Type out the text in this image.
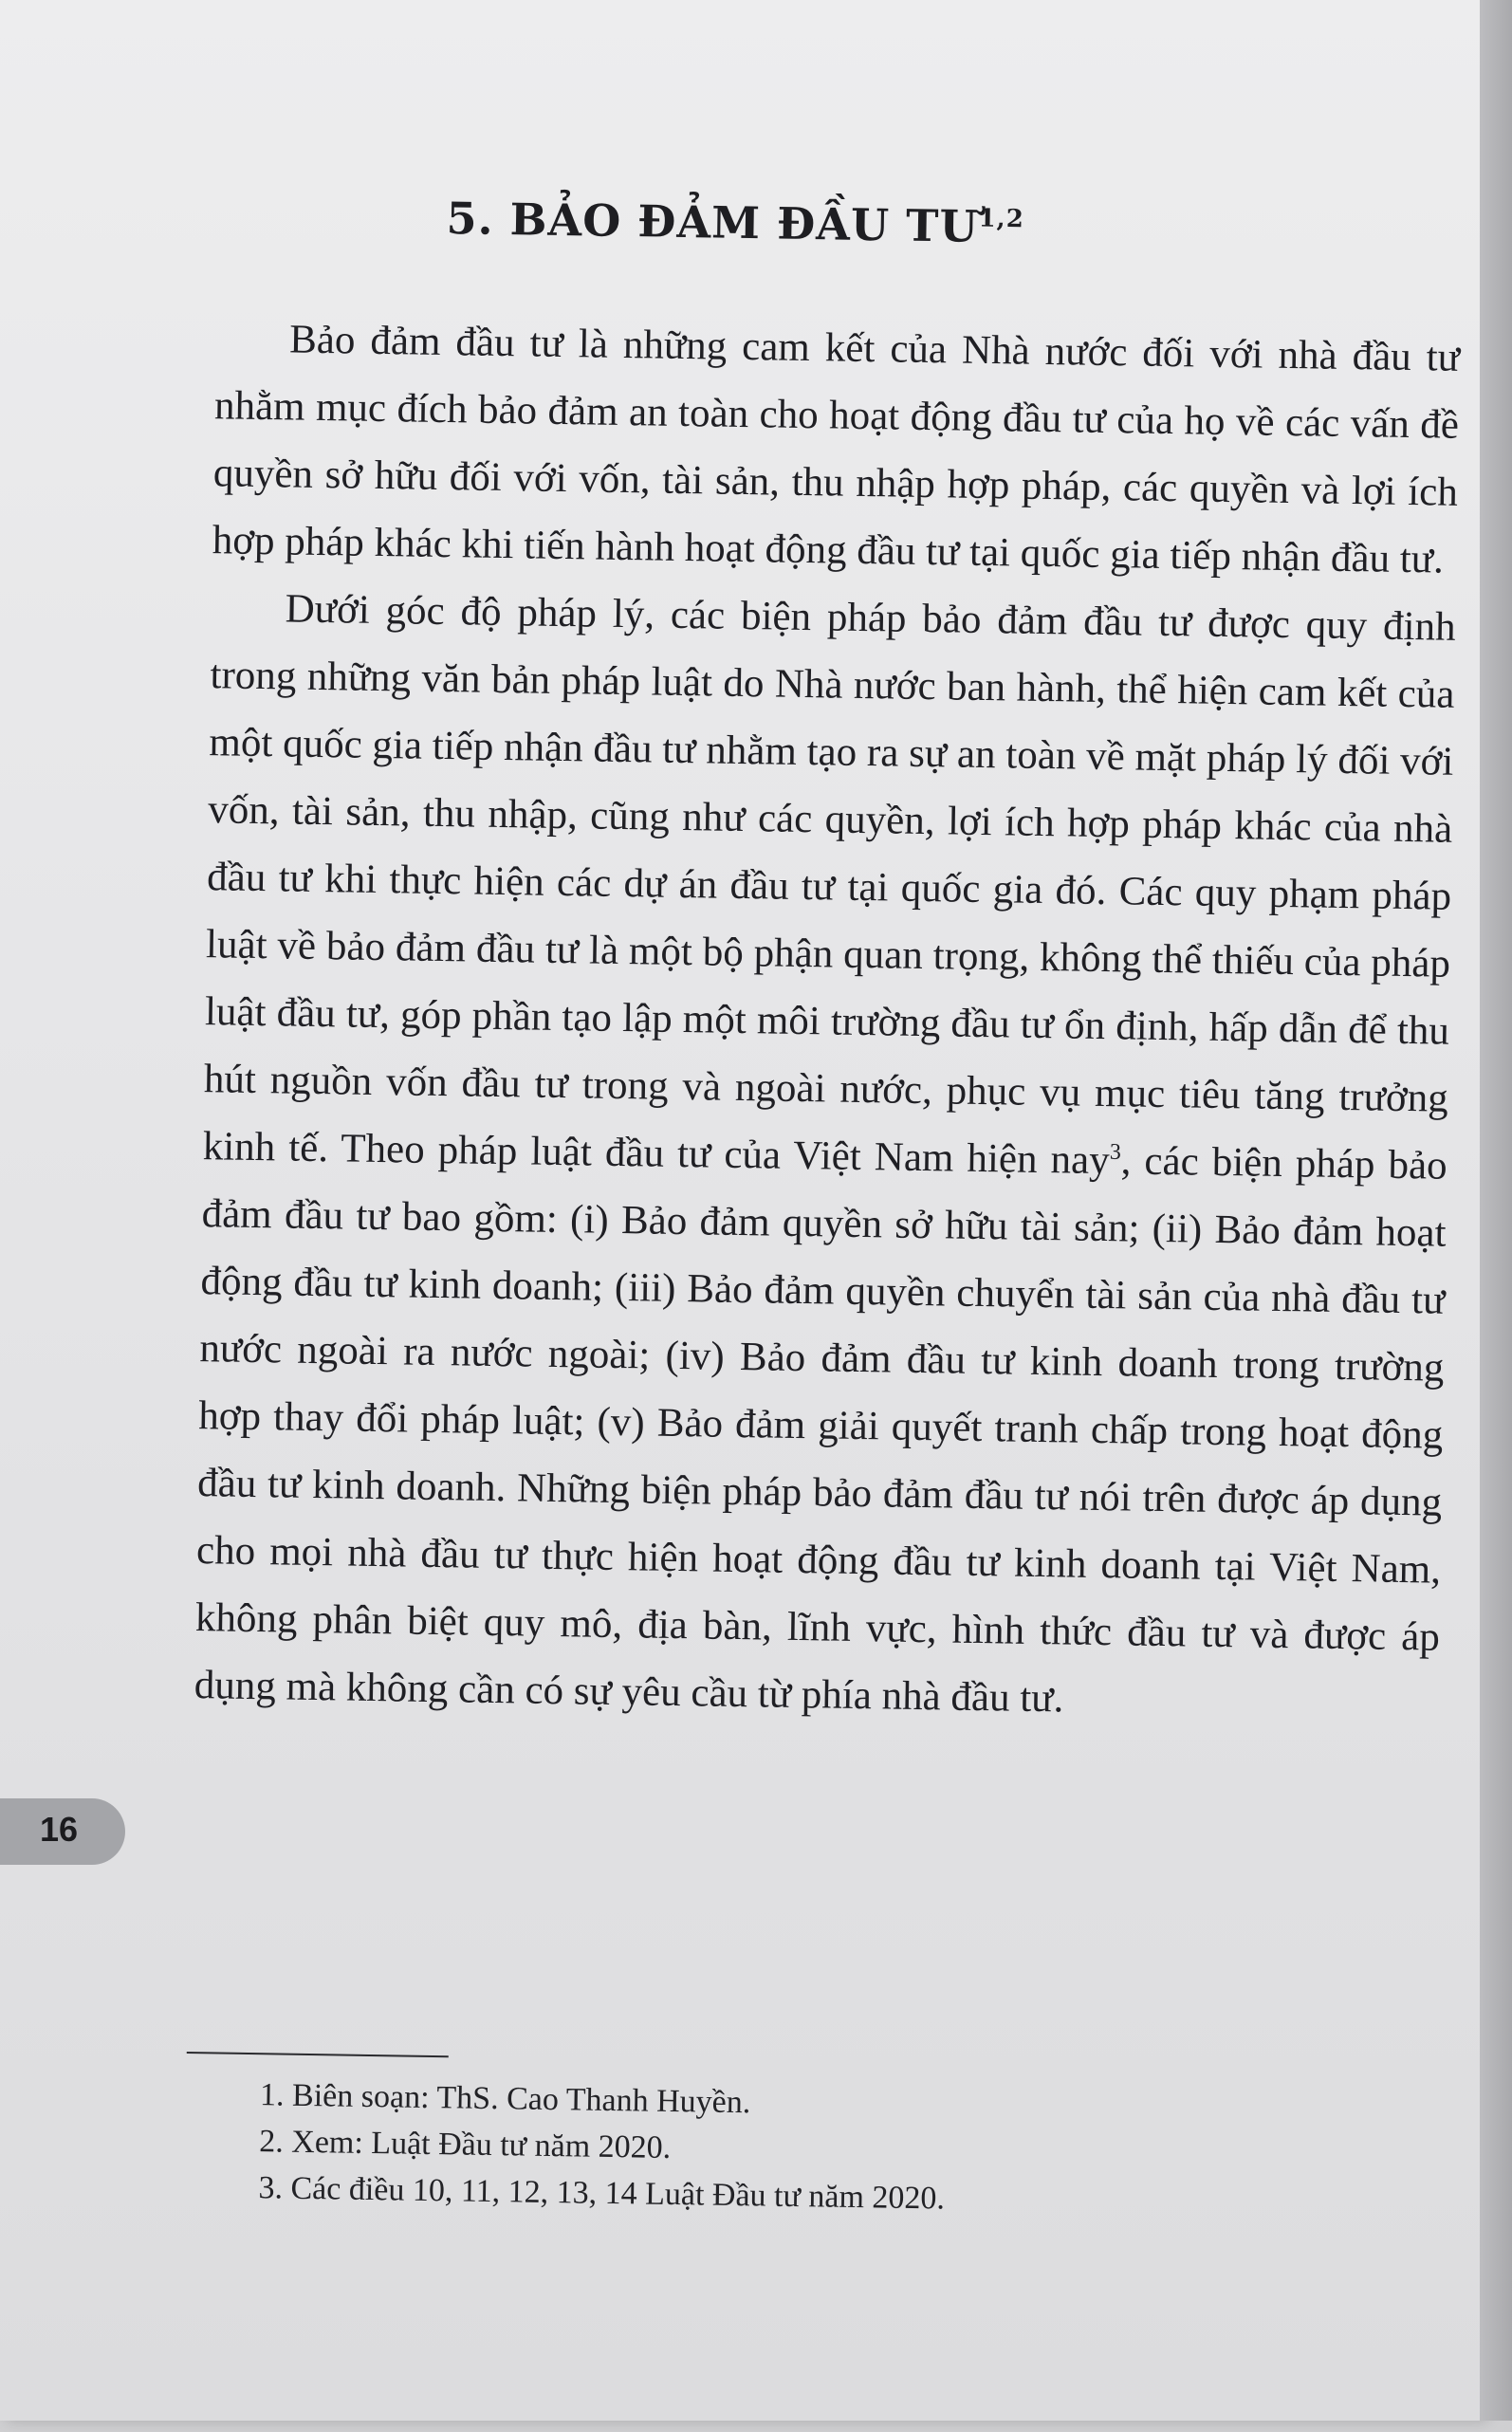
16
5. BẢO ĐẢM ĐẦU TƯ$^{1,2}$

Bảo đảm đầu tư là những cam kết của Nhà nước đối với nhà đầu tư nhằm mục đích bảo đảm an toàn cho hoạt động đầu tư của họ về các vấn đề quyền sở hữu đối với vốn, tài sản, thu nhập hợp pháp, các quyền và lợi ích hợp pháp khác khi tiến hành hoạt động đầu tư tại quốc gia tiếp nhận đầu tư.

Dưới góc độ pháp lý, các biện pháp bảo đảm đầu tư được quy định trong những văn bản pháp luật do Nhà nước ban hành, thể hiện cam kết của một quốc gia tiếp nhận đầu tư nhằm tạo ra sự an toàn về mặt pháp lý đối với vốn, tài sản, thu nhập, cũng như các quyền, lợi ích hợp pháp khác của nhà đầu tư khi thực hiện các dự án đầu tư tại quốc gia đó. Các quy phạm pháp luật về bảo đảm đầu tư là một bộ phận quan trọng, không thể thiếu của pháp luật đầu tư, góp phần tạo lập một môi trường đầu tư ổn định, hấp dẫn để thu hút nguồn vốn đầu tư trong và ngoài nước, phục vụ mục tiêu tăng trưởng kinh tế. Theo pháp luật đầu tư của Việt Nam hiện nay$^3$, các biện pháp bảo đảm đầu tư bao gồm: (i) Bảo đảm quyền sở hữu tài sản; (ii) Bảo đảm hoạt động đầu tư kinh doanh; (iii) Bảo đảm quyền chuyển tài sản của nhà đầu tư nước ngoài ra nước ngoài; (iv) Bảo đảm đầu tư kinh doanh trong trường hợp thay đổi pháp luật; (v) Bảo đảm giải quyết tranh chấp trong hoạt động đầu tư kinh doanh. Những biện pháp bảo đảm đầu tư nói trên được áp dụng cho mọi nhà đầu tư thực hiện hoạt động đầu tư kinh doanh tại Việt Nam, không phân biệt quy mô, địa bàn, lĩnh vực, hình thức đầu tư và được áp dụng mà không cần có sự yêu cầu từ phía nhà đầu tư.

1. Biên soạn: ThS. Cao Thanh Huyền.
2. Xem: Luật Đầu tư năm 2020.
3. Các điều 10, 11, 12, 13, 14 Luật Đầu tư năm 2020.
